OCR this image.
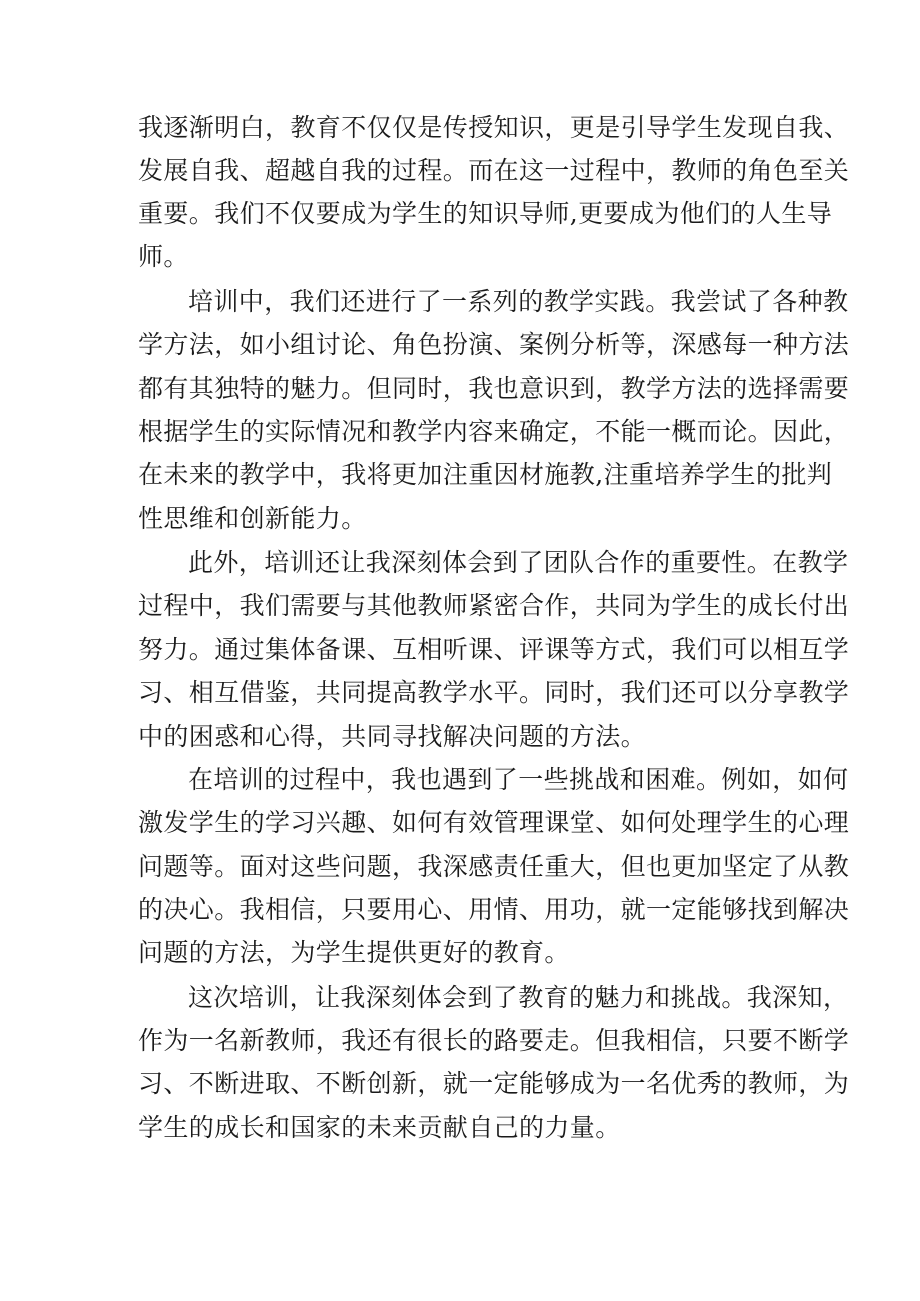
我逐渐明白，教育不仅仅是传授知识，更是引导学生发现自我、
发展自我、超越自我的过程。而在这一过程中，教师的角色至关
重要。我们不仅要成为学生的知识导师,更要成为他们的人生导
师。
培训中，我们还进行了一系列的教学实践。我尝试了各种教
学方法，如小组讨论、角色扮演、案例分析等，深感每一种方法
都有其独特的魅力。但同时，我也意识到，教学方法的选择需要
根据学生的实际情况和教学内容来确定，不能一概而论。因此，
在未来的教学中，我将更加注重因材施教,注重培养学生的批判
性思维和创新能力。
此外，培训还让我深刻体会到了团队合作的重要性。在教学
过程中，我们需要与其他教师紧密合作，共同为学生的成长付出
努力。通过集体备课、互相听课、评课等方式，我们可以相互学
习、相互借鉴，共同提高教学水平。同时，我们还可以分享教学
中的困惑和心得，共同寻找解决问题的方法。
在培训的过程中，我也遇到了一些挑战和困难。例如，如何
激发学生的学习兴趣、如何有效管理课堂、如何处理学生的心理
问题等。面对这些问题，我深感责任重大，但也更加坚定了从教
的决心。我相信，只要用心、用情、用功，就一定能够找到解决
问题的方法，为学生提供更好的教育。
这次培训，让我深刻体会到了教育的魅力和挑战。我深知，
作为一名新教师，我还有很长的路要走。但我相信，只要不断学
习、不断进取、不断创新，就一定能够成为一名优秀的教师，为
学生的成长和国家的未来贡献自己的力量。
